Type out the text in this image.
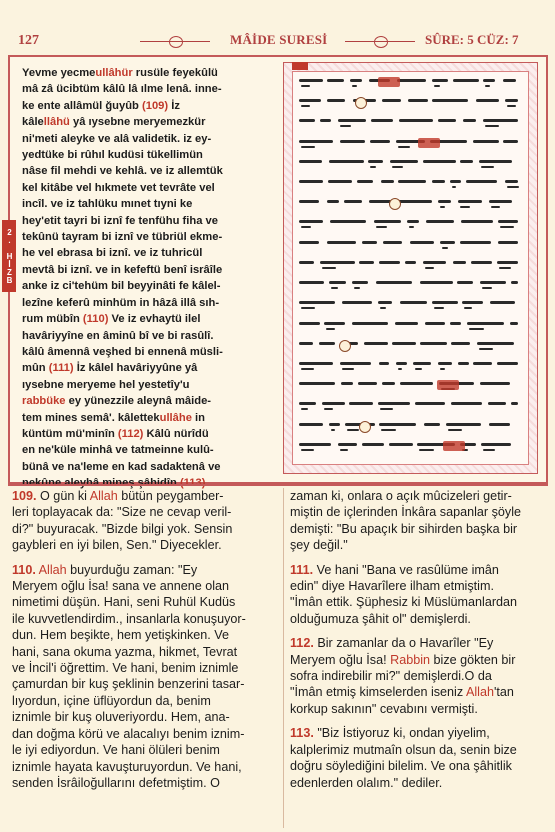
127	MÂİDE SURESİ	SÛRE: 5 CÜZ: 7
2. HİZB
Yevme yecmeullâhür rusüle feyekûlü
mâ zâ ücibtüm kâlû lâ ılme lenâ. inne-
ke ente allâmül ğuyûb (109) İz
kâlellâhü yâ ıysebne meryemezkür
ni'meti aleyke ve alâ validetik. iz ey-
yedtüke bi rûhıl kudüsi tükellimün
nâse fil mehdi ve kehlâ. ve iz allemtük
kel kitâbe vel hıkmete vet tevrâte vel
incîl. ve iz tahlüku mınet tıyni ke
hey'etit tayri bi iznî fe tenfühu fiha ve
tekûnü tayram bi iznî ve tübriül ekme-
he vel ebrasa bi iznî. ve iz tuhricül
mevtâ bi iznî. ve in kefeftü benî isrâîle
anke iz ci'tehüm bil beyyinâti fe kâlel-
lezîne keferû minhüm in hâzâ illâ sıh-
rum mübîn (110) Ve iz evhaytü ilel
havâriyyîne en âminû bî ve bi rasûlî.
kâlû âmennâ veşhed bi ennenâ müsli-
mûn (111) İz kâlel havâriyyûne yâ
ıysebne meryeme hel yestetîy'u
rabbüke ey yünezzile aleynâ mâide-
tem mines semâ'. kâlettekullâhe in
küntüm mü'minîn (112) Kâlû nürîdü
en ne'küle minhâ ve tatmeinne kulû-
bünâ ve na'leme en kad sadaktenâ ve
109. O gün ki Allah bütün peygamber-
leri toplayacak da: "Size ne cevap veril-
di?" buyuracak. "Bizde bilgi yok. Sensin
gaybleri en iyi bilen, Sen." Diyecekler.
110. Allah buyurduğu zaman: "Ey
Meryem oğlu İsa! sana ve annene olan
nimetimi düşün. Hani, seni Ruhül Kudüs
ile kuvvetlendirdim., insanlarla konuşuyor-
dun. Hem beşikte, hem yetişkinken. Ve
hani, sana okuma yazma, hikmet, Tevrat
ve İncil'i öğrettim. Ve hani, benim iznimle
çamurdan bir kuş şeklinin benzerini tasar-
lıyordun, içine üflüyordun da, benim
iznimle bir kuş oluveriyordu. Hem, ana-
dan doğma körü ve alacalıyı benim iznim-
le iyi ediyordun. Ve hani ölüleri benim
iznimle hayata kavuşturuyordun. Ve hani,
senden İsrâiloğullarını defetmiştim. O
zaman ki, onlara o açık mûcizeleri getir-
miştin de içlerinden İnkâra sapanlar şöyle
demişti: "Bu apaçık bir sihirden başka bir
şey değil."
111. Ve hani "Bana ve rasûlüme imân
edin" diye Havarîlere ilham etmiştim.
"İmân ettik. Şüphesiz ki Müslümanlardan
olduğumuza şâhit ol" demişlerdi.
112. Bir zamanlar da o Havarîler "Ey
Meryem oğlu İsa! Rabbin bize gökten bir
sofra indirebilir mi?" demişlerdi.O da
"İmân etmiş kimselerden iseniz Allah'tan
korkup sakının" cevabını vermişti.
113. "Biz İstiyoruz ki, ondan yiyelim,
kalplerimiz mutmaîn olsun da, senin bize
doğru söylediğini bilelim. Ve ona şâhitlik
edenlerden olalım." dediler.
